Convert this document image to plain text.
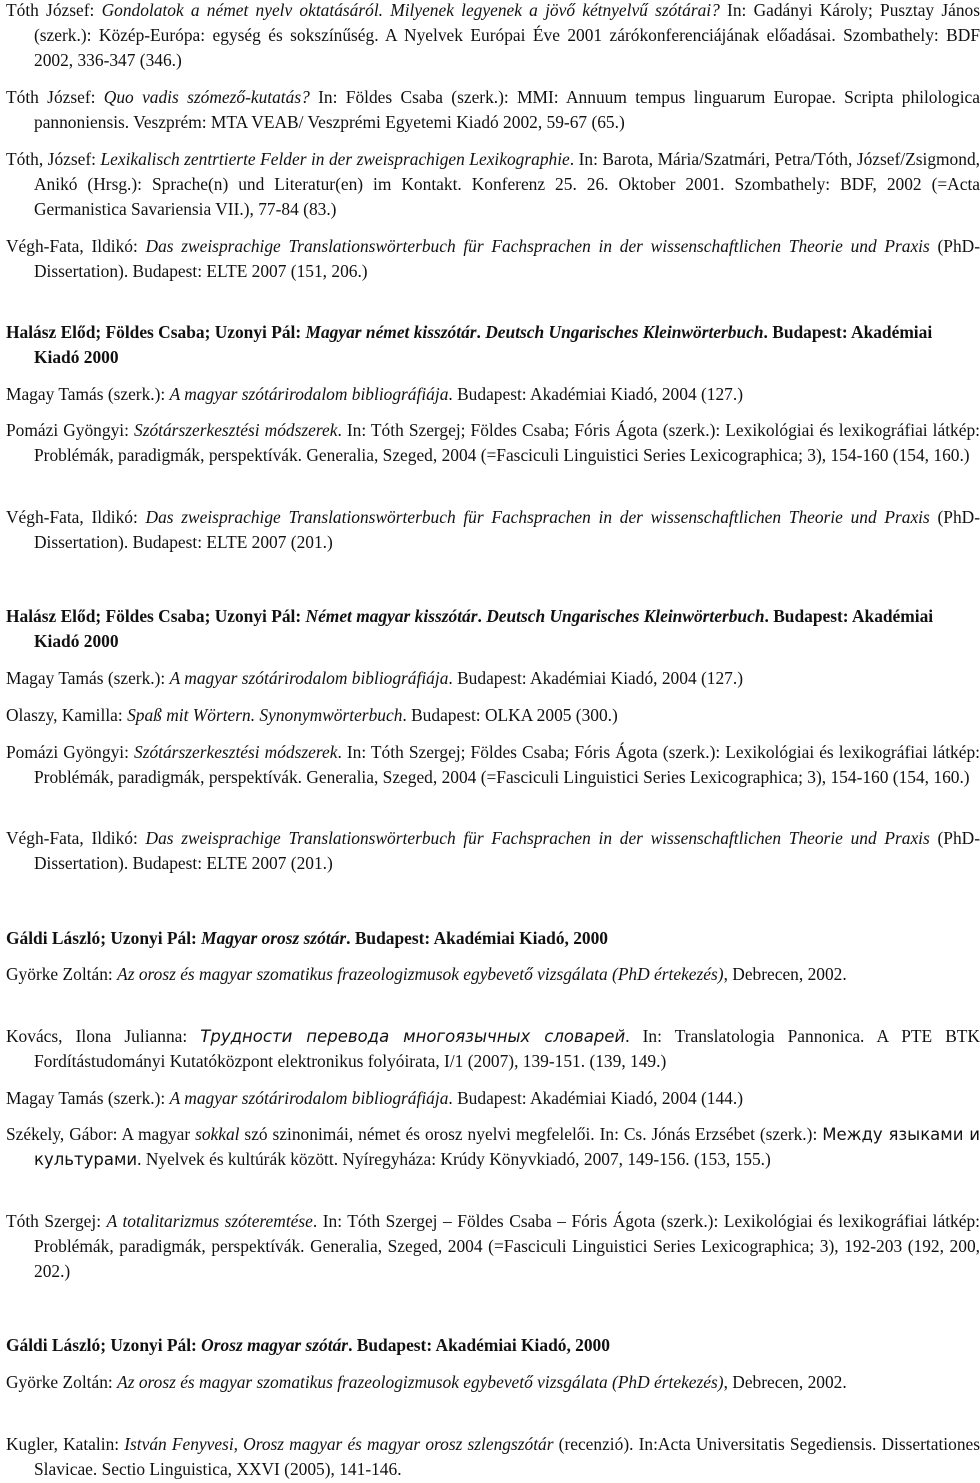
Tóth József: Gondolatok a német nyelv oktatásáról. Milyenek legyenek a jövő kétnyelvű szótárai? In: Gadányi Károly; Pusztay János (szerk.): Közép-Európa: egység és sokszínűség. A Nyelvek Európai Éve 2001 zárókonferenciájának előadásai. Szombathely: BDF 2002, 336-347 (346.)
Tóth József: Quo vadis szómező-kutatás? In: Földes Csaba (szerk.): MMI: Annuum tempus linguarum Europae. Scripta philologica pannoniensis. Veszprém: MTA VEAB/ Veszprémi Egyetemi Kiadó 2002, 59-67 (65.)
Tóth, József: Lexikalisch zentrtierte Felder in der zweisprachigen Lexikographie. In: Barota, Mária/Szatmári, Petra/Tóth, József/Zsigmond, Anikó (Hrsg.): Sprache(n) und Literatur(en) im Kontakt. Konferenz 25. 26. Oktober 2001. Szombathely: BDF, 2002 (=Acta Germanistica Savariensia VII.), 77-84 (83.)
Végh-Fata, Ildikó: Das zweisprachige Translationswörterbuch für Fachsprachen in der wissenschaftlichen Theorie und Praxis (PhD-Dissertation). Budapest: ELTE 2007 (151, 206.)
Halász Előd; Földes Csaba; Uzonyi Pál: Magyar német kisszótár. Deutsch Ungarisches Kleinwörterbuch. Budapest: Akadémiai Kiadó 2000
Magay Tamás (szerk.): A magyar szótárirodalom bibliográfiája. Budapest: Akadémiai Kiadó, 2004 (127.)
Pomázi Gyöngyi: Szótárszerkesztési módszerek. In: Tóth Szergej; Földes Csaba; Fóris Ágota (szerk.): Lexikológiai és lexikográfiai látkép: Problémák, paradigmák, perspektívák. Generalia, Szeged, 2004 (=Fasciculi Linguistici Series Lexicographica; 3), 154-160 (154, 160.)
Végh-Fata, Ildikó: Das zweisprachige Translationswörterbuch für Fachsprachen in der wissenschaftlichen Theorie und Praxis (PhD-Dissertation). Budapest: ELTE 2007 (201.)
Halász Előd; Földes Csaba; Uzonyi Pál: Német magyar kisszótár. Deutsch Ungarisches Kleinwörterbuch. Budapest: Akadémiai Kiadó 2000
Magay Tamás (szerk.): A magyar szótárirodalom bibliográfiája. Budapest: Akadémiai Kiadó, 2004 (127.)
Olaszy, Kamilla: Spaß mit Wörtern. Synonymwörterbuch. Budapest: OLKA 2005 (300.)
Pomázi Gyöngyi: Szótárszerkesztési módszerek. In: Tóth Szergej; Földes Csaba; Fóris Ágota (szerk.): Lexikológiai és lexikográfiai látkép: Problémák, paradigmák, perspektívák. Generalia, Szeged, 2004 (=Fasciculi Linguistici Series Lexicographica; 3), 154-160 (154, 160.)
Végh-Fata, Ildikó: Das zweisprachige Translationswörterbuch für Fachsprachen in der wissenschaftlichen Theorie und Praxis (PhD-Dissertation). Budapest: ELTE 2007 (201.)
Gáldi László; Uzonyi Pál: Magyar orosz szótár. Budapest: Akadémiai Kiadó, 2000
Györke Zoltán: Az orosz és magyar szomatikus frazeologizmusok egybevető vizsgálata (PhD értekezés), Debrecen, 2002.
Kovács, Ilona Julianna: Трудности перевода многоязычных словарей. In: Translatologia Pannonica. A PTE BTK Fordítástudományi Kutatóközpont elektronikus folyóirata, I/1 (2007), 139-151. (139, 149.)
Magay Tamás (szerk.): A magyar szótárirodalom bibliográfiája. Budapest: Akadémiai Kiadó, 2004 (144.)
Székely, Gábor: A magyar sokkal szó szinonimái, német és orosz nyelvi megfelelői. In: Cs. Jónás Erzsébet (szerk.): Между языками и культурами. Nyelvek és kultúrák között. Nyíregyháza: Krúdy Könyvkiadó, 2007, 149-156. (153, 155.)
Tóth Szergej: A totalitarizmus szóteremtése. In: Tóth Szergej – Földes Csaba – Fóris Ágota (szerk.): Lexikológiai és lexikográfiai látkép: Problémák, paradigmák, perspektívák. Generalia, Szeged, 2004 (=Fasciculi Linguistici Series Lexicographica; 3), 192-203 (192, 200, 202.)
Gáldi László; Uzonyi Pál: Orosz magyar szótár. Budapest: Akadémiai Kiadó, 2000
Györke Zoltán: Az orosz és magyar szomatikus frazeologizmusok egybevető vizsgálata (PhD értekezés), Debrecen, 2002.
Kugler, Katalin: István Fenyvesi, Orosz magyar és magyar orosz szlengszótár (recenzió). In:Acta Universitatis Segediensis. Dissertationes Slavicae. Sectio Linguistica, XXVI (2005), 141-146.
